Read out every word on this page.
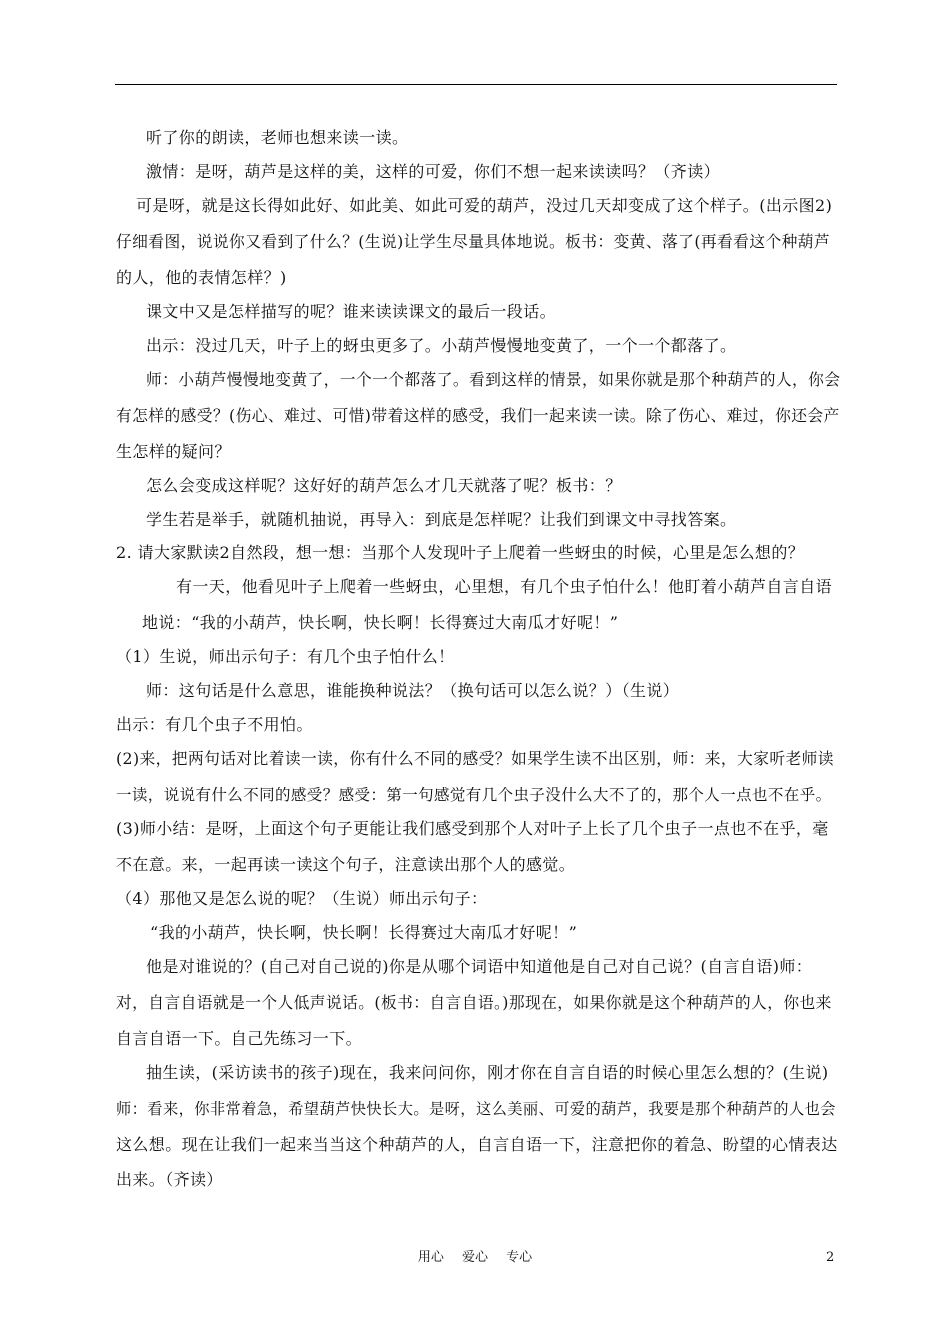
听了你的朗读，老师也想来读一读。
激情：是呀，葫芦是这样的美，这样的可爱，你们不想一起来读读吗？（齐读）
可是呀，就是这长得如此好、如此美、如此可爱的葫芦，没过几天却变成了这个样子。(出示图2)
仔细看图，说说你又看到了什么？(生说)让学生尽量具体地说。板书：变黄、落了(再看看这个种葫芦
的人，他的表情怎样？)
课文中又是怎样描写的呢？谁来读读课文的最后一段话。
出示：没过几天，叶子上的蚜虫更多了。小葫芦慢慢地变黄了，一个一个都落了。
师：小葫芦慢慢地变黄了，一个一个都落了。看到这样的情景，如果你就是那个种葫芦的人，你会
有怎样的感受？(伤心、难过、可惜)带着这样的感受，我们一起来读一读。除了伤心、难过，你还会产
生怎样的疑问？
怎么会变成这样呢？这好好的葫芦怎么才几天就落了呢？板书：？
学生若是举手，就随机抽说，再导入：到底是怎样呢？让我们到课文中寻找答案。
2. 请大家默读2自然段，想一想：当那个人发现叶子上爬着一些蚜虫的时候，心里是怎么想的？
有一天，他看见叶子上爬着一些蚜虫，心里想，有几个虫子怕什么！他盯着小葫芦自言自语
地说：“我的小葫芦，快长啊，快长啊！长得赛过大南瓜才好呢！”
（1）生说，师出示句子：有几个虫子怕什么！
师：这句话是什么意思，谁能换种说法？（换句话可以怎么说？）（生说）
出示：有几个虫子不用怕。
(2)来，把两句话对比着读一读，你有什么不同的感受？如果学生读不出区别，师：来，大家听老师读
一读，说说有什么不同的感受？感受：第一句感觉有几个虫子没什么大不了的，那个人一点也不在乎。
(3)师小结：是呀，上面这个句子更能让我们感受到那个人对叶子上长了几个虫子一点也不在乎，毫
不在意。来，一起再读一读这个句子，注意读出那个人的感觉。
（4）那他又是怎么说的呢？（生说）师出示句子：
“我的小葫芦，快长啊，快长啊！长得赛过大南瓜才好呢！”
他是对谁说的？(自己对自己说的)你是从哪个词语中知道他是自己对自己说？(自言自语)师：
对，自言自语就是一个人低声说话。(板书：自言自语。)那现在，如果你就是这个种葫芦的人，你也来
自言自语一下。自己先练习一下。
抽生读，(采访读书的孩子)现在，我来问问你，刚才你在自言自语的时候心里怎么想的？(生说)
师：看来，你非常着急，希望葫芦快快长大。是呀，这么美丽、可爱的葫芦，我要是那个种葫芦的人也会
这么想。现在让我们一起来当当这个种葫芦的人，自言自语一下，注意把你的着急、盼望的心情表达
出来。（齐读）
用心 爱心 专心	2
